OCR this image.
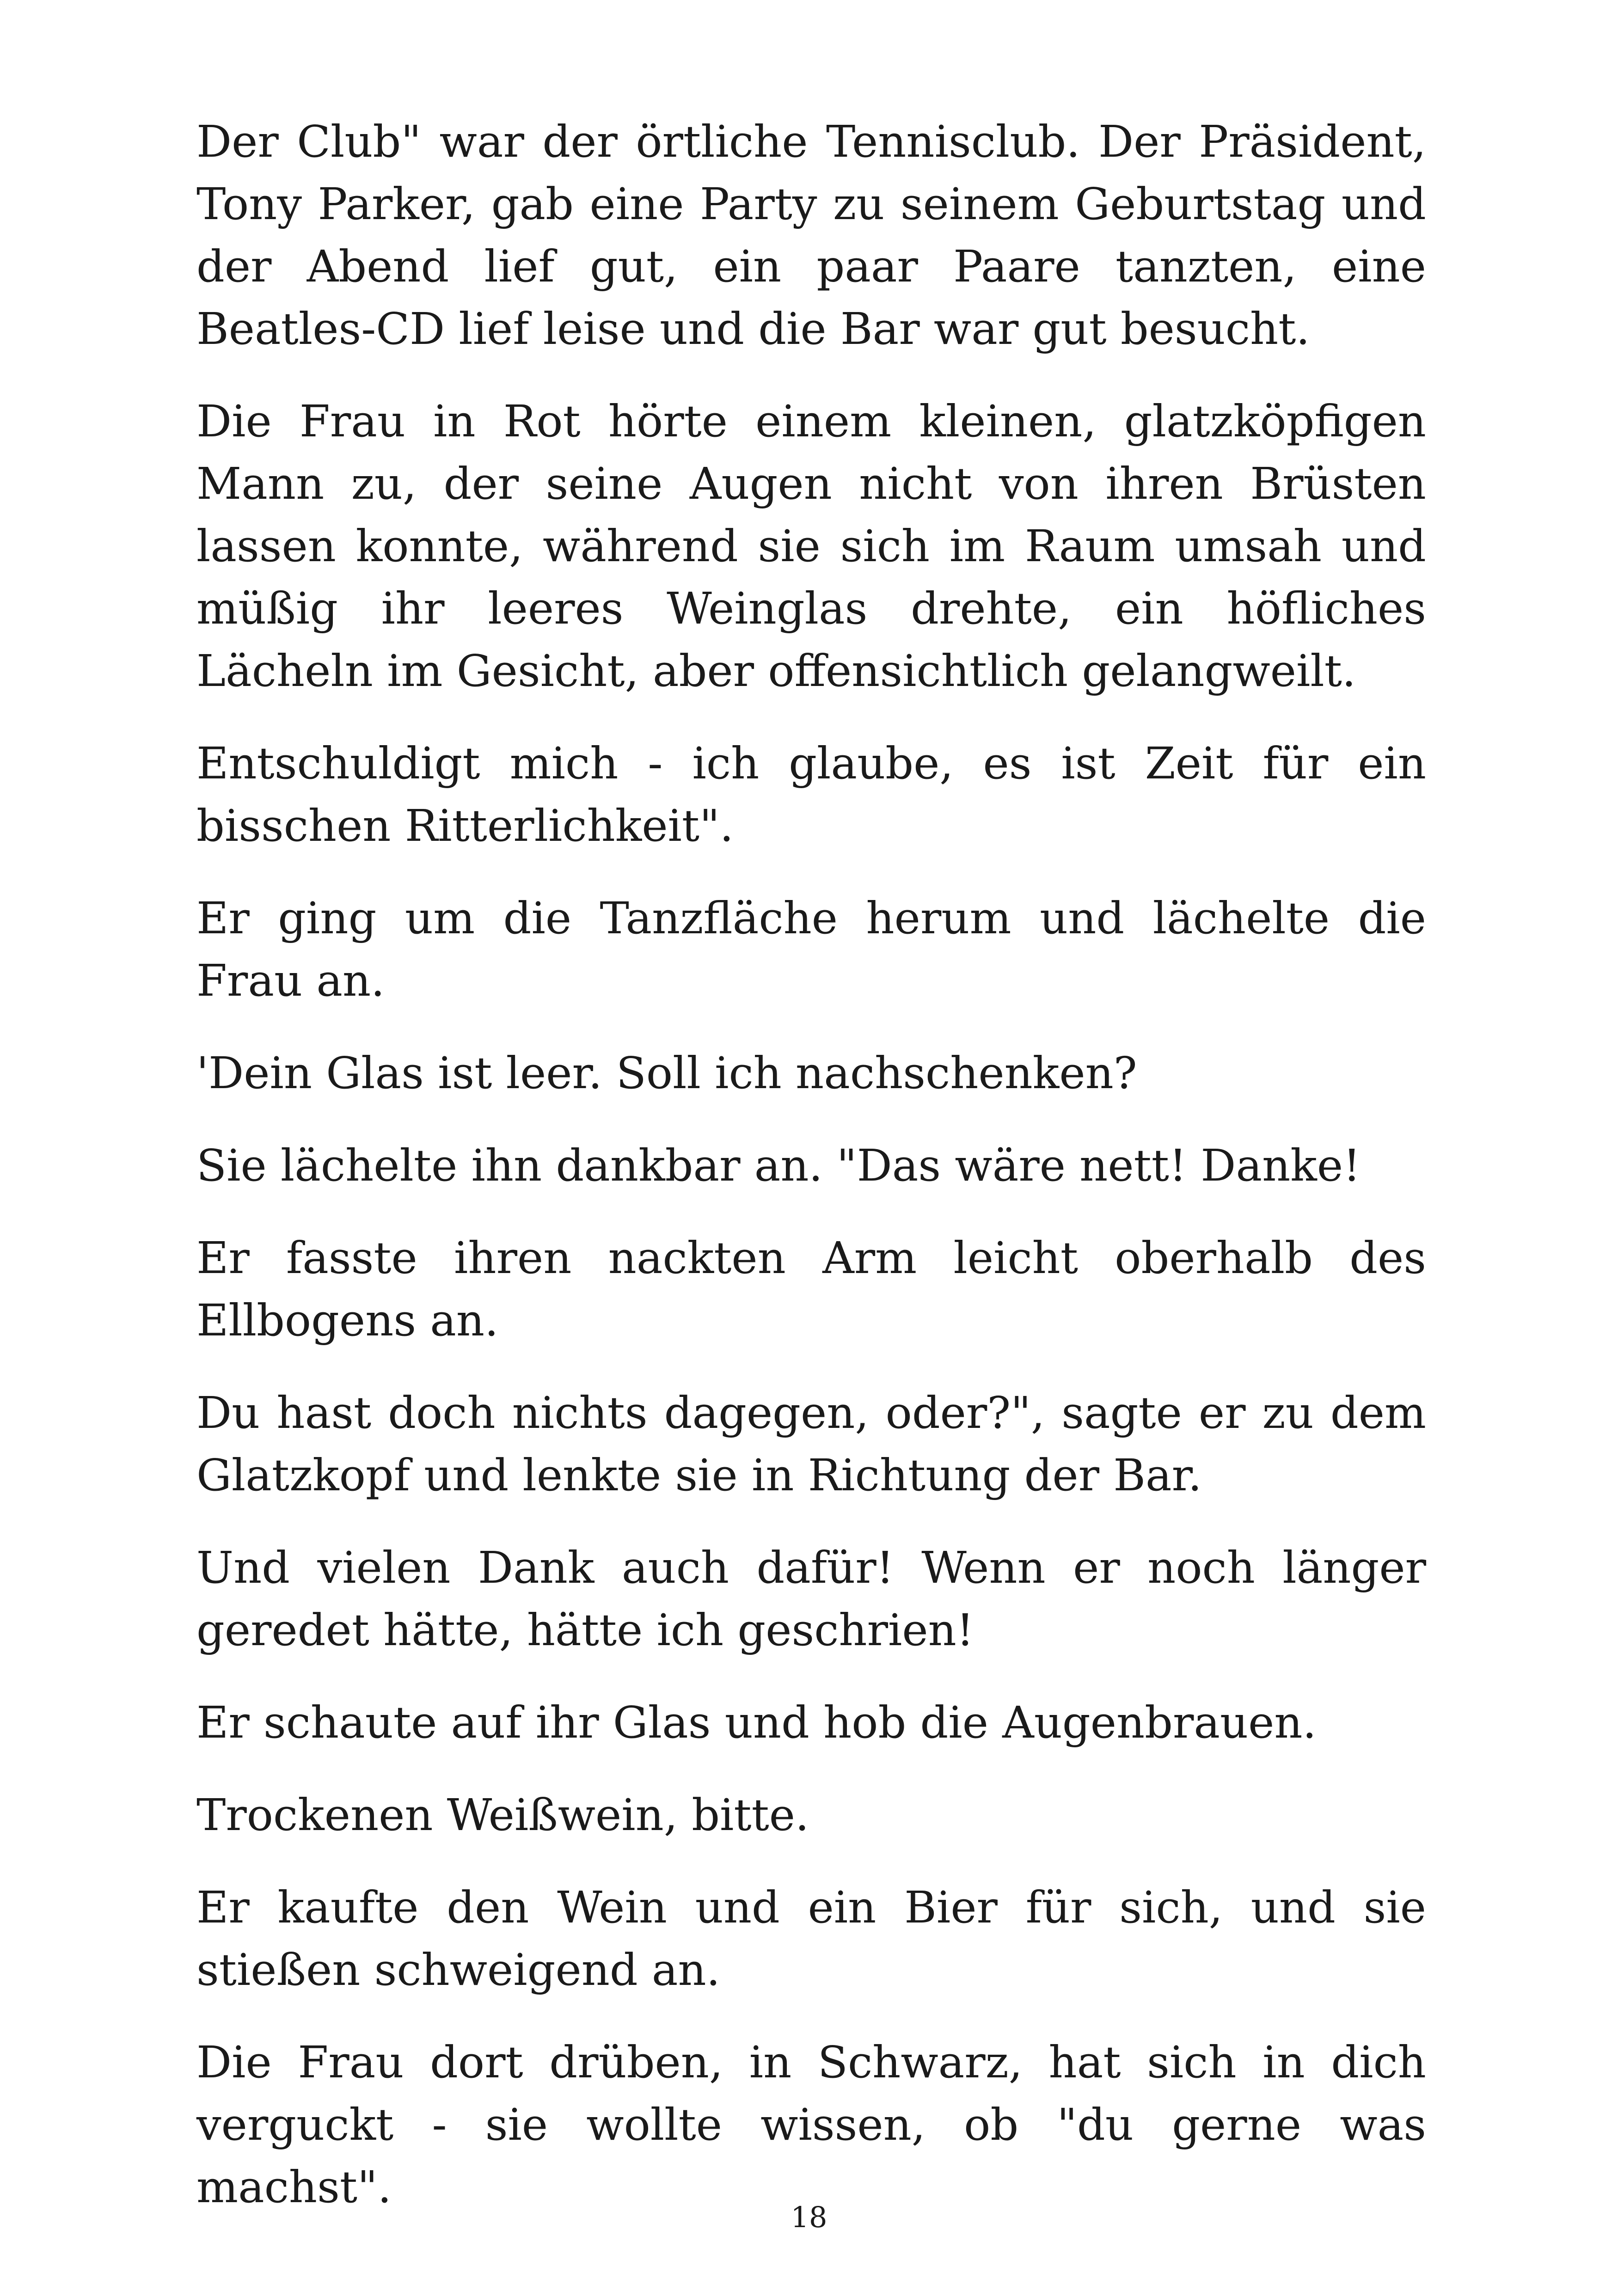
Der Club" war der örtliche Tennisclub. Der Präsident, Tony Parker, gab eine Party zu seinem Geburtstag und der Abend lief gut, ein paar Paare tanzten, eine Beatles-CD lief leise und die Bar war gut besucht.

Die Frau in Rot hörte einem kleinen, glatzköpfigen Mann zu, der seine Augen nicht von ihren Brüsten lassen konnte, während sie sich im Raum umsah und müßig ihr leeres Weinglas drehte, ein höfliches Lächeln im Gesicht, aber offensichtlich gelangweilt.

Entschuldigt mich - ich glaube, es ist Zeit für ein bisschen Ritterlichkeit".

Er ging um die Tanzfläche herum und lächelte die Frau an.

'Dein Glas ist leer. Soll ich nachschenken?

Sie lächelte ihn dankbar an. "Das wäre nett! Danke!

Er fasste ihren nackten Arm leicht oberhalb des Ellbogens an.

Du hast doch nichts dagegen, oder?", sagte er zu dem Glatzkopf und lenkte sie in Richtung der Bar.

Und vielen Dank auch dafür! Wenn er noch länger geredet hätte, hätte ich geschrien!

Er schaute auf ihr Glas und hob die Augenbrauen.

Trockenen Weißwein, bitte.

Er kaufte den Wein und ein Bier für sich, und sie stießen schweigend an.

Die Frau dort drüben, in Schwarz, hat sich in dich verguckt - sie wollte wissen, ob "du gerne was machst".

18
